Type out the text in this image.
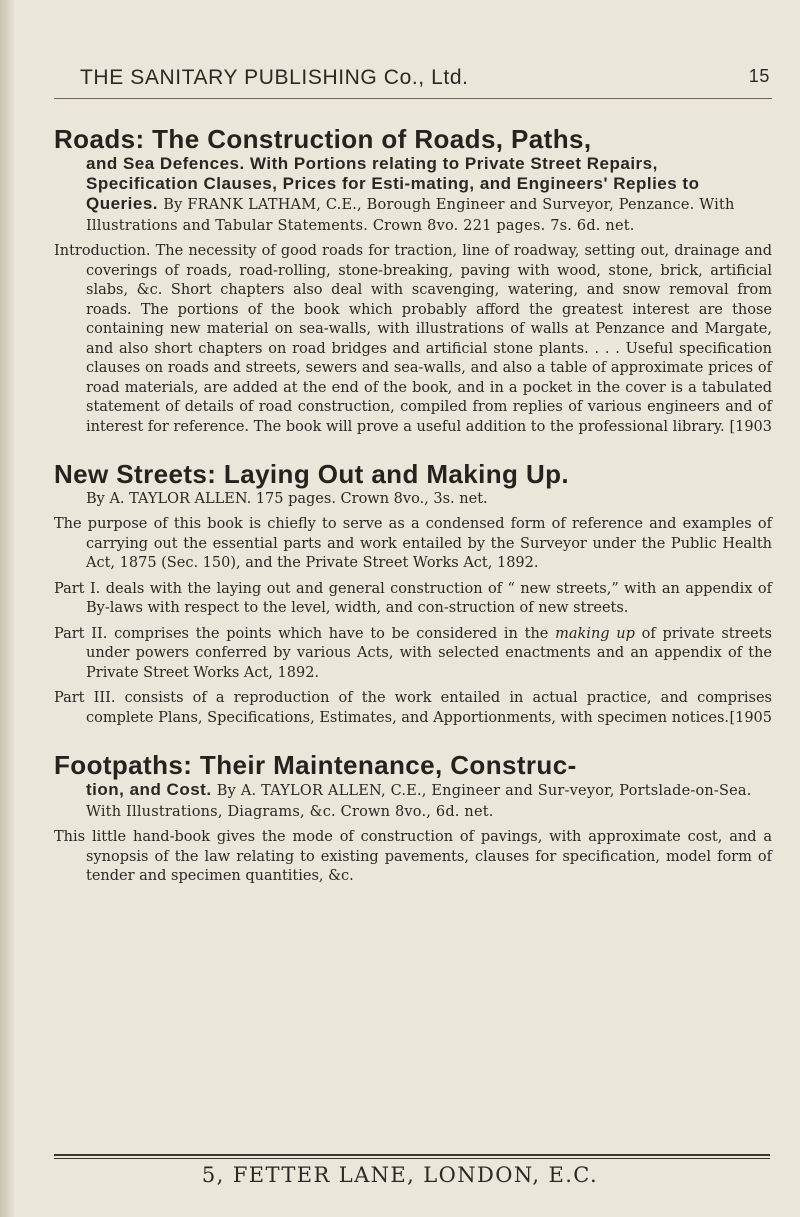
THE SANITARY PUBLISHING Co., Ltd.	15

Roads: The Construction of Roads, Paths,

and Sea Defences. With Portions relating to Private Street Repairs, Specification Clauses, Prices for Esti-mating, and Engineers' Replies to Queries. By FRANK LATHAM, C.E., Borough Engineer and Surveyor, Penzance. With Illustrations and Tabular Statements. Crown 8vo. 221 pages. 7s. 6d. net.

Introduction. The necessity of good roads for traction, line of roadway, setting out, drainage and coverings of roads, road-rolling, stone-breaking, paving with wood, stone, brick, artificial slabs, &c. Short chapters also deal with scavenging, watering, and snow removal from roads. The portions of the book which probably afford the greatest interest are those containing new material on sea-walls, with illustrations of walls at Penzance and Margate, and also short chapters on road bridges and artificial stone plants. . . . Useful specification clauses on roads and streets, sewers and sea-walls, and also a table of approximate prices of road materials, are added at the end of the book, and in a pocket in the cover is a tabulated statement of details of road construction, compiled from replies of various engineers and of interest for reference. The book will prove a useful addition to the professional library. [1903

New Streets: Laying Out and Making Up.

By A. TAYLOR ALLEN. 175 pages. Crown 8vo., 3s. net.

The purpose of this book is chiefly to serve as a condensed form of reference and examples of carrying out the essential parts and work entailed by the Surveyor under the Public Health Act, 1875 (Sec. 150), and the Private Street Works Act, 1892.

Part I. deals with the laying out and general construction of “ new streets,” with an appendix of By-laws with respect to the level, width, and con-struction of new streets.

Part II. comprises the points which have to be considered in the making up of private streets under powers conferred by various Acts, with selected enactments and an appendix of the Private Street Works Act, 1892.

Part III. consists of a reproduction of the work entailed in actual practice, and comprises complete Plans, Specifications, Estimates, and Apportionments, with specimen notices. [1905

Footpaths: Their Maintenance, Construc-

tion, and Cost. By A. TAYLOR ALLEN, C.E., Engineer and Sur-veyor, Portslade-on-Sea. With Illustrations, Diagrams, &c. Crown 8vo., 6d. net.

This little hand-book gives the mode of construction of pavings, with approximate cost, and a synopsis of the law relating to existing pavements, clauses for specification, model form of tender and specimen quantities, &c.

5, FETTER LANE, LONDON, E.C.
